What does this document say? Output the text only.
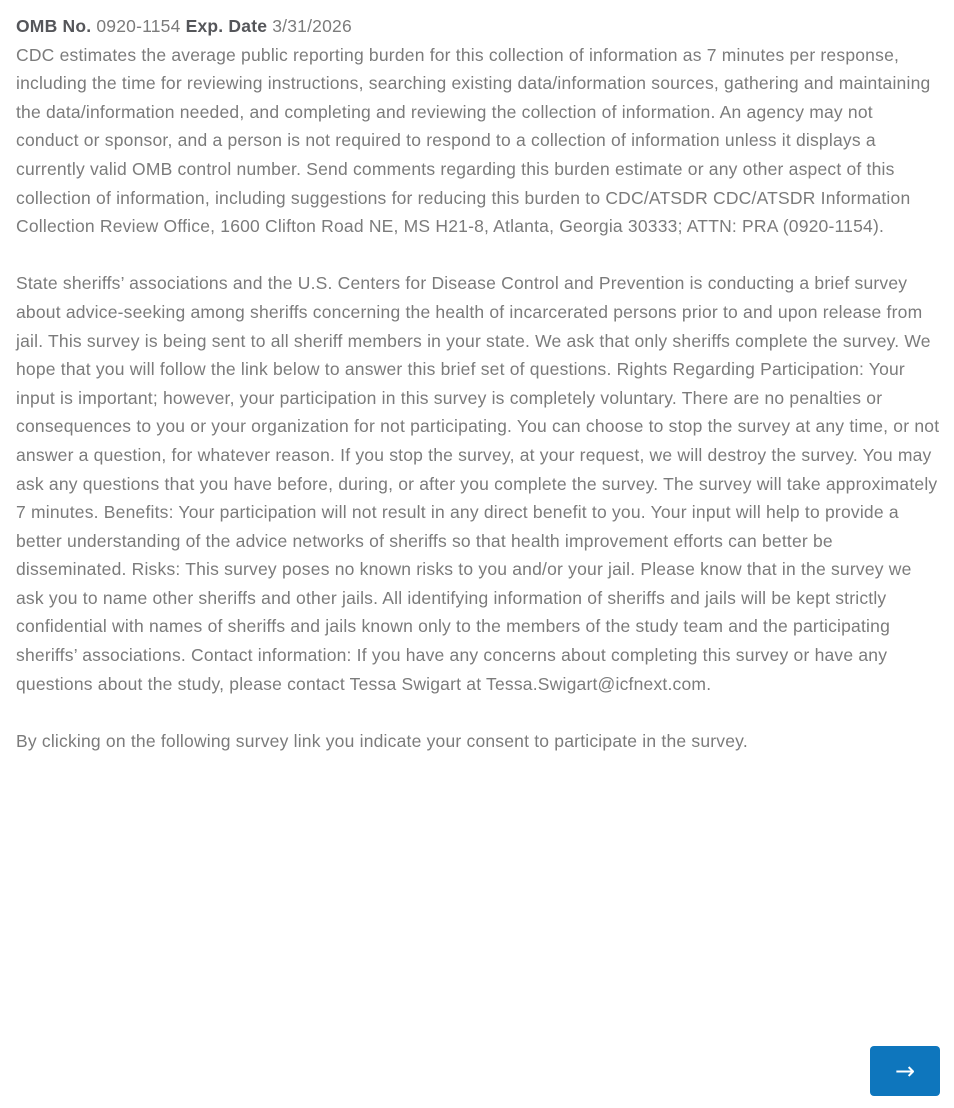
OMB No. 0920-1154 Exp. Date 3/31/2026

CDC estimates the average public reporting burden for this collection of information as 7 minutes per response, including the time for reviewing instructions, searching existing data/information sources, gathering and maintaining the data/information needed, and completing and reviewing the collection of information. An agency may not conduct or sponsor, and a person is not required to respond to a collection of information unless it displays a currently valid OMB control number. Send comments regarding this burden estimate or any other aspect of this collection of information, including suggestions for reducing this burden to CDC/ATSDR CDC/ATSDR Information Collection Review Office, 1600 Clifton Road NE, MS H21-8, Atlanta, Georgia 30333; ATTN: PRA (0920-1154).

State sheriffs’ associations and the U.S. Centers for Disease Control and Prevention is conducting a brief survey about advice-seeking among sheriffs concerning the health of incarcerated persons prior to and upon release from jail. This survey is being sent to all sheriff members in your state. We ask that only sheriffs complete the survey. We hope that you will follow the link below to answer this brief set of questions. Rights Regarding Participation: Your input is important; however, your participation in this survey is completely voluntary. There are no penalties or consequences to you or your organization for not participating. You can choose to stop the survey at any time, or not answer a question, for whatever reason. If you stop the survey, at your request, we will destroy the survey. You may ask any questions that you have before, during, or after you complete the survey. The survey will take approximately 7 minutes. Benefits: Your participation will not result in any direct benefit to you. Your input will help to provide a better understanding of the advice networks of sheriffs so that health improvement efforts can better be disseminated. Risks: This survey poses no known risks to you and/or your jail. Please know that in the survey we ask you to name other sheriffs and other jails. All identifying information of sheriffs and jails will be kept strictly confidential with names of sheriffs and jails known only to the members of the study team and the participating sheriffs’ associations. Contact information: If you have any concerns about completing this survey or have any questions about the study, please contact Tessa Swigart at Tessa.Swigart@icfnext.com.

By clicking on the following survey link you indicate your consent to participate in the survey.

→
